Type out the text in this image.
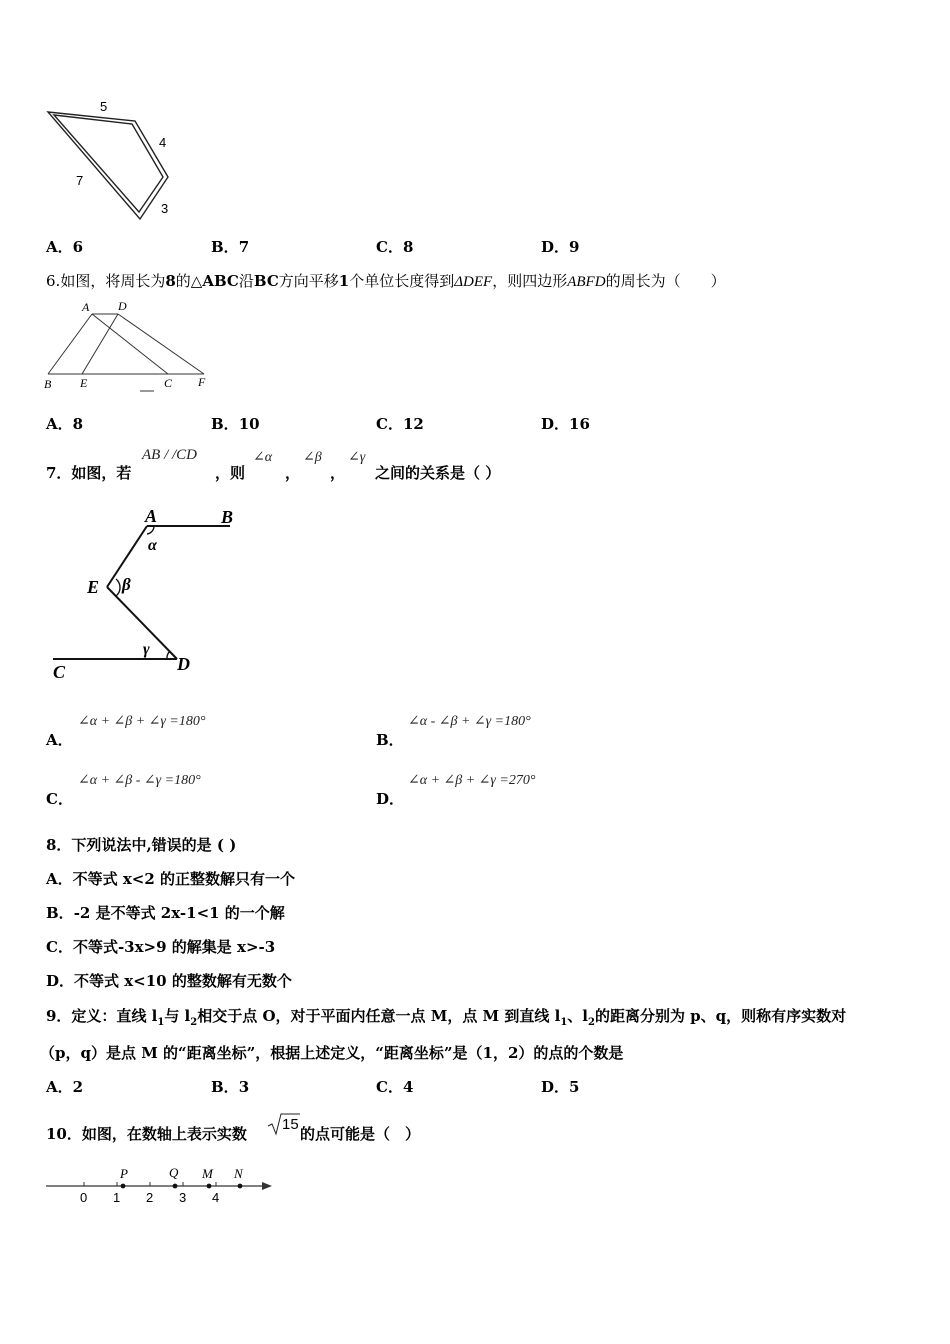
5
4
7
3
A．6	B．7	C．8	D．9
6.如图，将周长为8的△ABC沿BC方向平移1个单位长度得到ΔDEF，则四边形ABFD的周长为（　　）
A D
B E	C F
A．8	B．10	C．12	D．16
7．如图，若
AB / /CD
，则
∠α
，
∠β
，
∠γ
之间的关系是（ ）
A	B
α
E β
γ
C	D
A．
∠α + ∠β + ∠γ =180°
B．
∠α - ∠β + ∠γ =180°
C．
∠α + ∠β - ∠γ =180°
D．
∠α + ∠β + ∠γ =270°
8．下列说法中,错误的是 ( )
A．不等式 x<2 的正整数解只有一个
B．-2 是不等式 2x-1<1 的一个解
C．不等式-3x>9 的解集是 x>-3
D．不等式 x<10 的整数解有无数个
9．定义：直线 $l_1$与 $l_2$相交于点 O，对于平面内任意一点 M，点 M 到直线 $l_1$、$l_2$的距离分别为 p、q，则称有序实数对
（p，q）是点 M 的“距离坐标”，根据上述定义，“距离坐标”是（1，2）的点的个数是
A．2	B．3	C．4	D．5
10．如图，在数轴上表示实数
15
的点可能是（　）
0 1 2 3 4
P	Q M N
